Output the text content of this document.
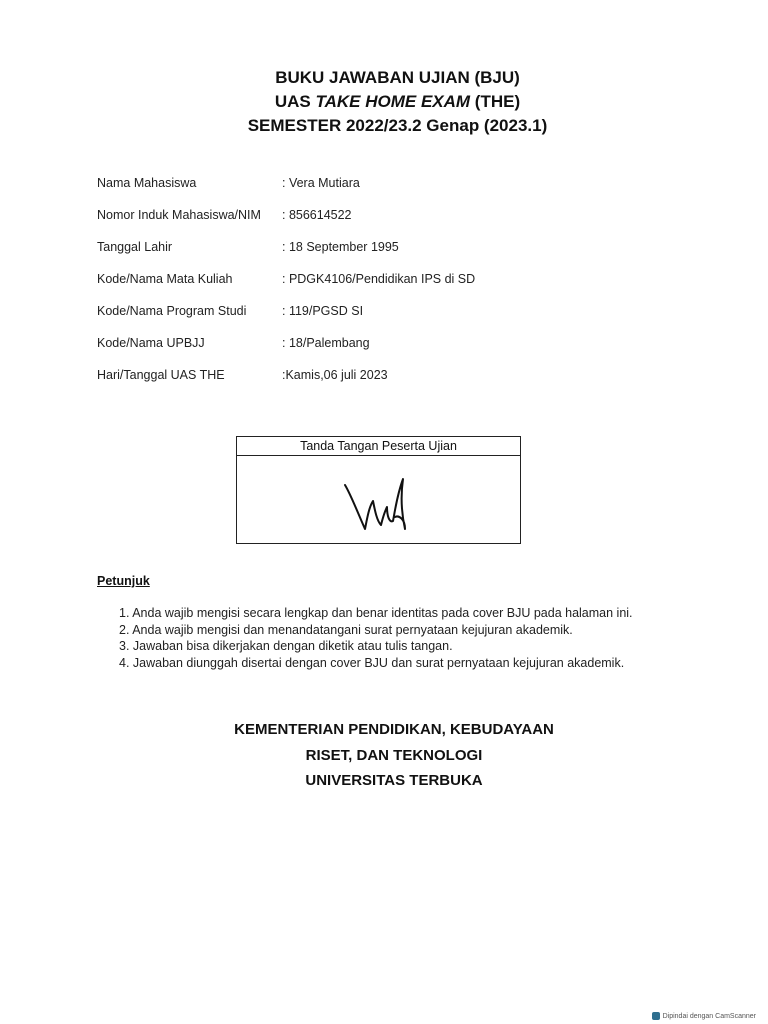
BUKU JAWABAN UJIAN (BJU)
UAS TAKE HOME EXAM (THE)
SEMESTER 2022/23.2 Genap (2023.1)
Nama Mahasiswa	: Vera Mutiara
Nomor Induk Mahasiswa/NIM : 856614522
Tanggal Lahir	: 18 September 1995
Kode/Nama Mata Kuliah	: PDGK4106/Pendidikan IPS di SD
Kode/Nama Program Studi	: 119/PGSD SI
Kode/Nama UPBJJ	: 18/Palembang
Hari/Tanggal UAS THE	:Kamis,06 juli 2023
Tanda Tangan Peserta Ujian
Petunjuk
1. Anda wajib mengisi secara lengkap dan benar identitas pada cover BJU pada halaman ini.
2. Anda wajib mengisi dan menandatangani surat pernyataan kejujuran akademik.
3. Jawaban bisa dikerjakan dengan diketik atau tulis tangan.
4. Jawaban diunggah disertai dengan cover BJU dan surat pernyataan kejujuran akademik.
KEMENTERIAN PENDIDIKAN, KEBUDAYAAN
RISET, DAN TEKNOLOGI
UNIVERSITAS TERBUKA
Dipindai dengan CamScanner
